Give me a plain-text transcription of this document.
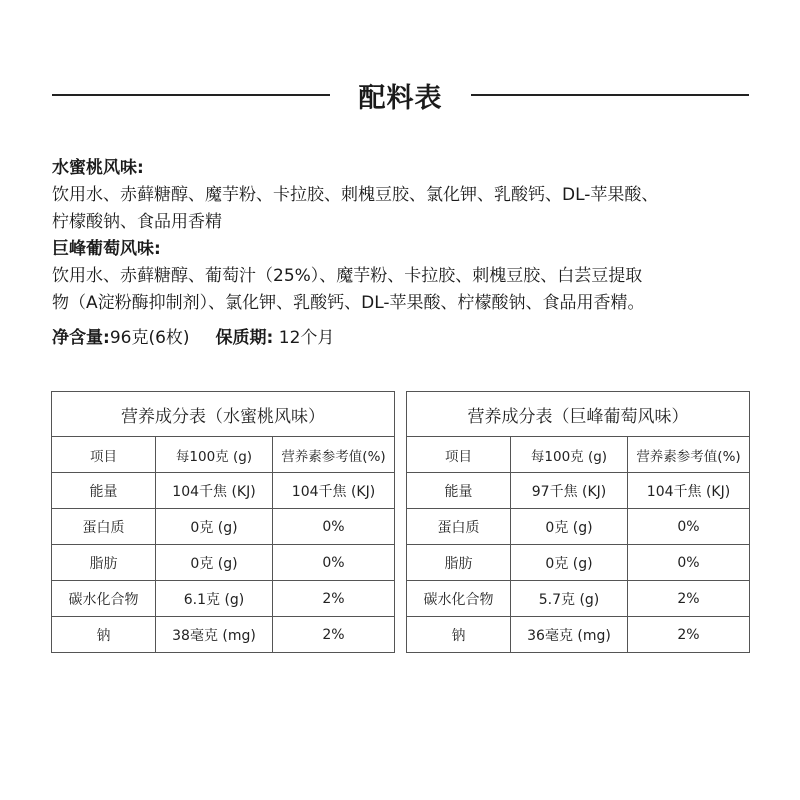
配料表
水蜜桃风味:
饮用水、赤藓糖醇、魔芋粉、卡拉胶、刺槐豆胶、氯化钾、乳酸钙、DL-苹果酸、
柠檬酸钠、食品用香精
巨峰葡萄风味:
饮用水、赤藓糖醇、葡萄汁（25%）、魔芋粉、卡拉胶、刺槐豆胶、白芸豆提取
物（A淀粉酶抑制剂）、氯化钾、乳酸钙、DL-苹果酸、柠檬酸钠、食品用香精。
净含量:96克(6枚) 保质期: 12个月
营养成分表（水蜜桃风味）		
项目	每100克 (g)	营养素参考值(%)
能量	104千焦 (KJ)	104千焦 (KJ)
蛋白质	0克 (g)	0%
脂肪	0克 (g)	0%
碳水化合物	6.1克 (g)	2%
钠	38毫克 (mg)	2%
营养成分表（巨峰葡萄风味）		
项目	每100克 (g)	营养素参考值(%)
能量	97千焦 (KJ)	104千焦 (KJ)
蛋白质	0克 (g)	0%
脂肪	0克 (g)	0%
碳水化合物	5.7克 (g)	2%
钠	36毫克 (mg)	2%
